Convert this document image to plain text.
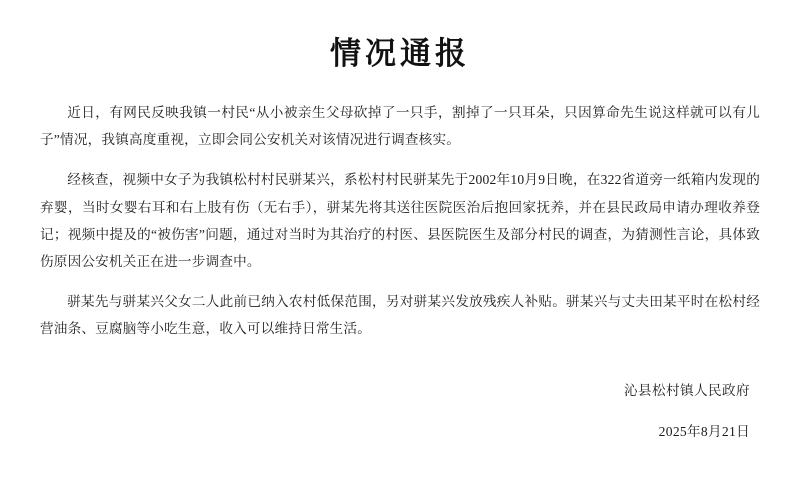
情况通报

近日，有网民反映我镇一村民“从小被亲生父母砍掉了一只手，割掉了一只耳朵，只因算命先生说这样就可以有儿子”情况，我镇高度重视，立即会同公安机关对该情况进行调查核实。

经核查，视频中女子为我镇松村村民骈某兴，系松村村民骈某先于2002年10月9日晚，在322省道旁一纸箱内发现的弃婴，当时女婴右耳和右上肢有伤（无右手），骈某先将其送往医院医治后抱回家抚养，并在县民政局申请办理收养登记；视频中提及的“被伤害”问题，通过对当时为其治疗的村医、县医院医生及部分村民的调查，为猜测性言论，具体致伤原因公安机关正在进一步调查中。

骈某先与骈某兴父女二人此前已纳入农村低保范围，另对骈某兴发放残疾人补贴。骈某兴与丈夫田某平时在松村经营油条、豆腐脑等小吃生意，收入可以维持日常生活。

沁县松村镇人民政府
2025年8月21日
